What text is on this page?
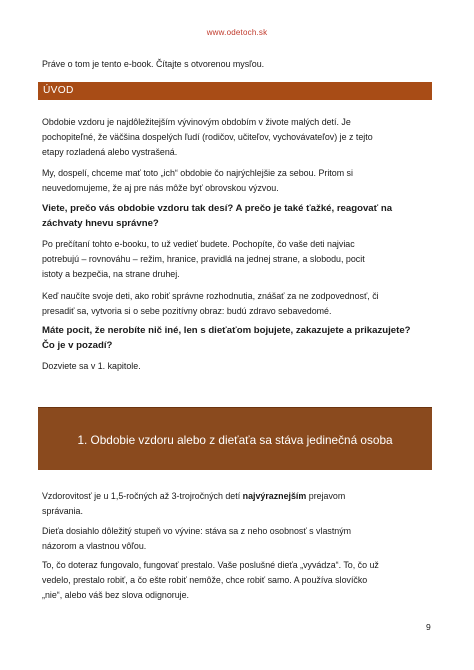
www.odetoch.sk
Práve o tom je tento e-book. Čítajte s otvorenou mysľou.
ÚVOD
Obdobie vzdoru je najdôležitejším vývinovým obdobím v živote malých detí. Je
pochopiteľné, že väčšina dospelých ľudí (rodičov, učiteľov, vychovávateľov) je z tejto
etapy rozladená alebo vystrašená.
My, dospelí, chceme mať toto „ich“ obdobie čo najrýchlejšie za sebou. Pritom si
neuvedomujeme, že aj pre nás môže byť obrovskou výzvou.
Viete, prečo vás obdobie vzdoru tak desí? A prečo je také ťažké, reagovať na
záchvaty hnevu správne?
Po prečítaní tohto e-booku, to už vedieť budete. Pochopíte, čo vaše deti najviac
potrebujú – rovnováhu – režim, hranice, pravidlá na jednej strane, a slobodu, pocit
istoty a bezpečia, na strane druhej.
Keď naučíte svoje deti, ako robiť správne rozhodnutia, znášať za ne zodpovednosť, či
presadiť sa, vytvoria si o sebe pozitívny obraz: budú zdravo sebavedomé.
Máte pocit, že nerobíte nič iné, len s dieťaťom bojujete, zakazujete a prikazujete?
Čo je v pozadí?
Dozviete sa v 1. kapitole.
1. Obdobie vzdoru alebo z dieťaťa sa stáva jedinečná osoba
Vzdorovitosť je u 1,5-ročných až 3-trojročných detí najvýraznejším prejavom
správania.
Dieťa dosiahlo dôležitý stupeň vo vývine: stáva sa z neho osobnosť s vlastným
názorom a vlastnou vôľou.
To, čo doteraz fungovalo, fungovať prestalo. Vaše poslušné dieťa „vyvádza“. To, čo už
vedelo, prestalo robiť, a čo ešte robiť nemôže, chce robiť samo. A používa slovíčko
„nie“, alebo váš bez slova odignoruje.
9
